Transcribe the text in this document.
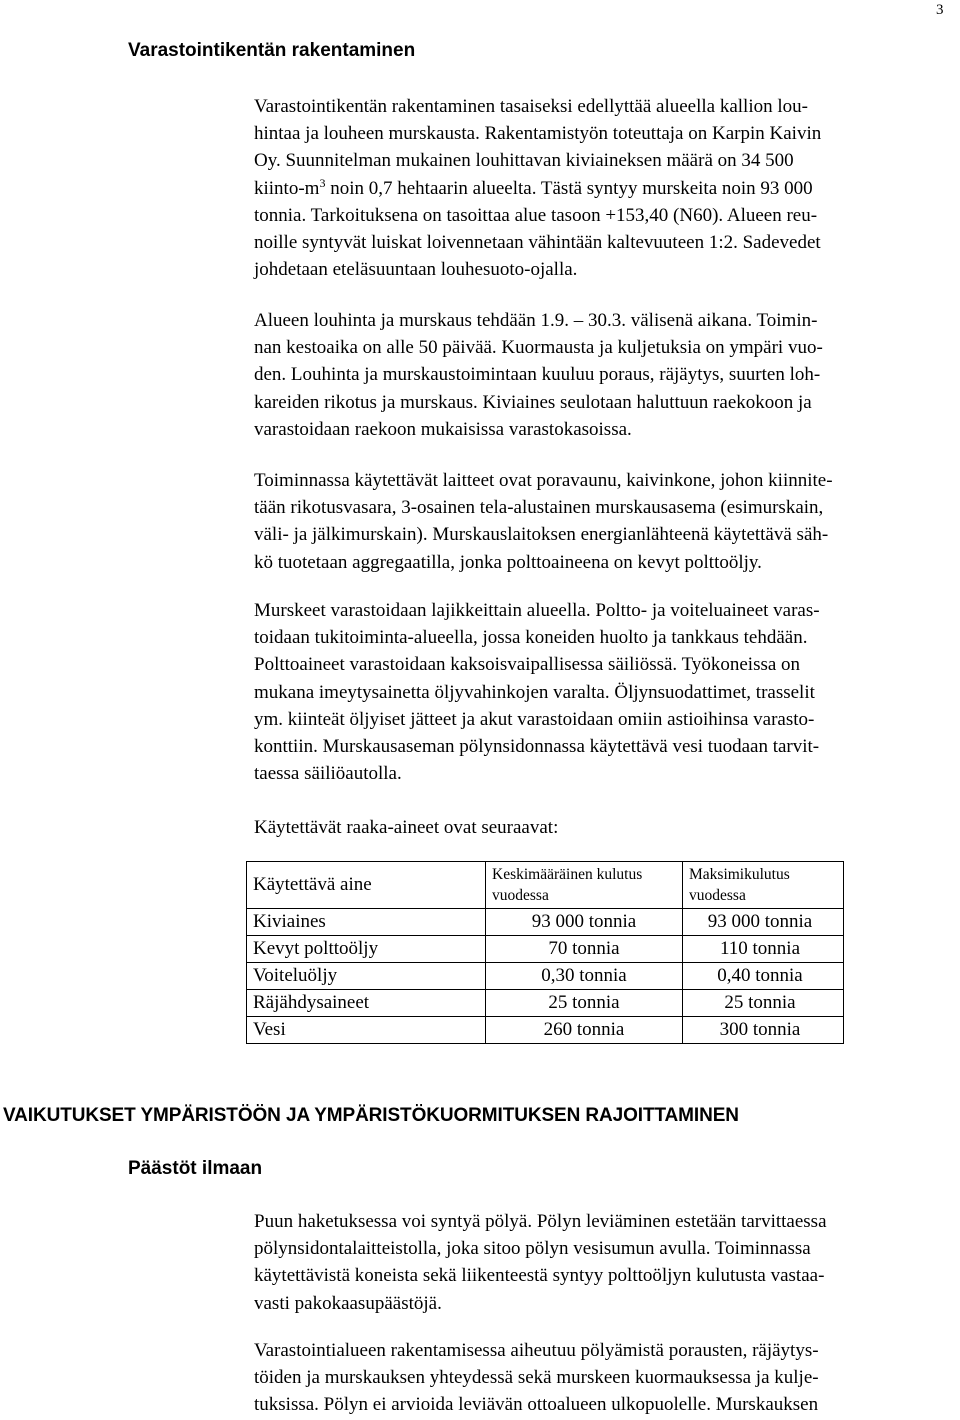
3
Varastointikentän rakentaminen
Varastointikentän rakentaminen tasaiseksi edellyttää alueella kallion lou-
hintaa ja louheen murskausta. Rakentamistyön toteuttaja on Karpin Kaivin
Oy. Suunnitelman mukainen louhittavan kiviaineksen määrä on 34 500
kiinto-$m^3$ noin 0,7 hehtaarin alueelta. Tästä syntyy murskeita noin 93 000
tonnia. Tarkoituksena on tasoittaa alue tasoon +153,40 (N60). Alueen reu-
noille syntyvät luiskat loivennetaan vähintään kaltevuuteen 1:2. Sadevedet
johdetaan eteläsuuntaan louhesuoto-ojalla.
Alueen louhinta ja murskaus tehdään 1.9. – 30.3. välisenä aikana. Toimin-
nan kestoaika on alle 50 päivää. Kuormausta ja kuljetuksia on ympäri vuo-
den. Louhinta ja murskaustoimintaan kuuluu poraus, räjäytys, suurten loh-
kareiden rikotus ja murskaus. Kiviaines seulotaan haluttuun raekokoon ja
varastoidaan raekoon mukaisissa varastokasoissa.
Toiminnassa käytettävät laitteet ovat poravaunu, kaivinkone, johon kiinnite-
tään rikotusvasara, 3-osainen tela-alustainen murskausasema (esimurskain,
väli- ja jälkimurskain). Murskauslaitoksen energianlähteenä käytettävä säh-
kö tuotetaan aggregaatilla, jonka polttoaineena on kevyt polttoöljy.
Murskeet varastoidaan lajikkeittain alueella. Poltto- ja voiteluaineet varas-
toidaan tukitoiminta-alueella, jossa koneiden huolto ja tankkaus tehdään.
Polttoaineet varastoidaan kaksoisvaipallisessa säiliössä. Työkoneissa on
mukana imeytysainetta öljyvahinkojen varalta. Öljynsuodattimet, trasselit
ym. kiinteät öljyiset jätteet ja akut varastoidaan omiin astioihinsa varasto-
konttiin. Murskausaseman pölynsidonnassa käytettävä vesi tuodaan tarvit-
taessa säiliöautolla.
Käytettävät raaka-aineet ovat seuraavat:
Käytettävä aine	Keskimääräinen kulutus vuodessa	Maksimikulutus vuodessa
Kiviaines	93 000 tonnia	93 000 tonnia
Kevyt polttoöljy	70 tonnia	110 tonnia
Voiteluöljy	0,30 tonnia	0,40 tonnia
Räjähdysaineet	25 tonnia	25 tonnia
Vesi	260 tonnia	300 tonnia
VAIKUTUKSET YMPÄRISTÖÖN JA YMPÄRISTÖKUORMITUKSEN RAJOITTAMINEN
Päästöt ilmaan
Puun haketuksessa voi syntyä pölyä. Pölyn leviäminen estetään tarvittaessa
pölynsidontalaitteistolla, joka sitoo pölyn vesisumun avulla. Toiminnassa
käytettävistä koneista sekä liikenteestä syntyy polttoöljyn kulutusta vastaa-
vasti pakokaasupäästöjä.
Varastointialueen rakentamisessa aiheutuu pölyämistä porausten, räjäytys-
töiden ja murskauksen yhteydessä sekä murskeen kuormauksessa ja kulje-
tuksissa. Pölyn ei arvioida leviävän ottoalueen ulkopuolelle. Murskauksen
